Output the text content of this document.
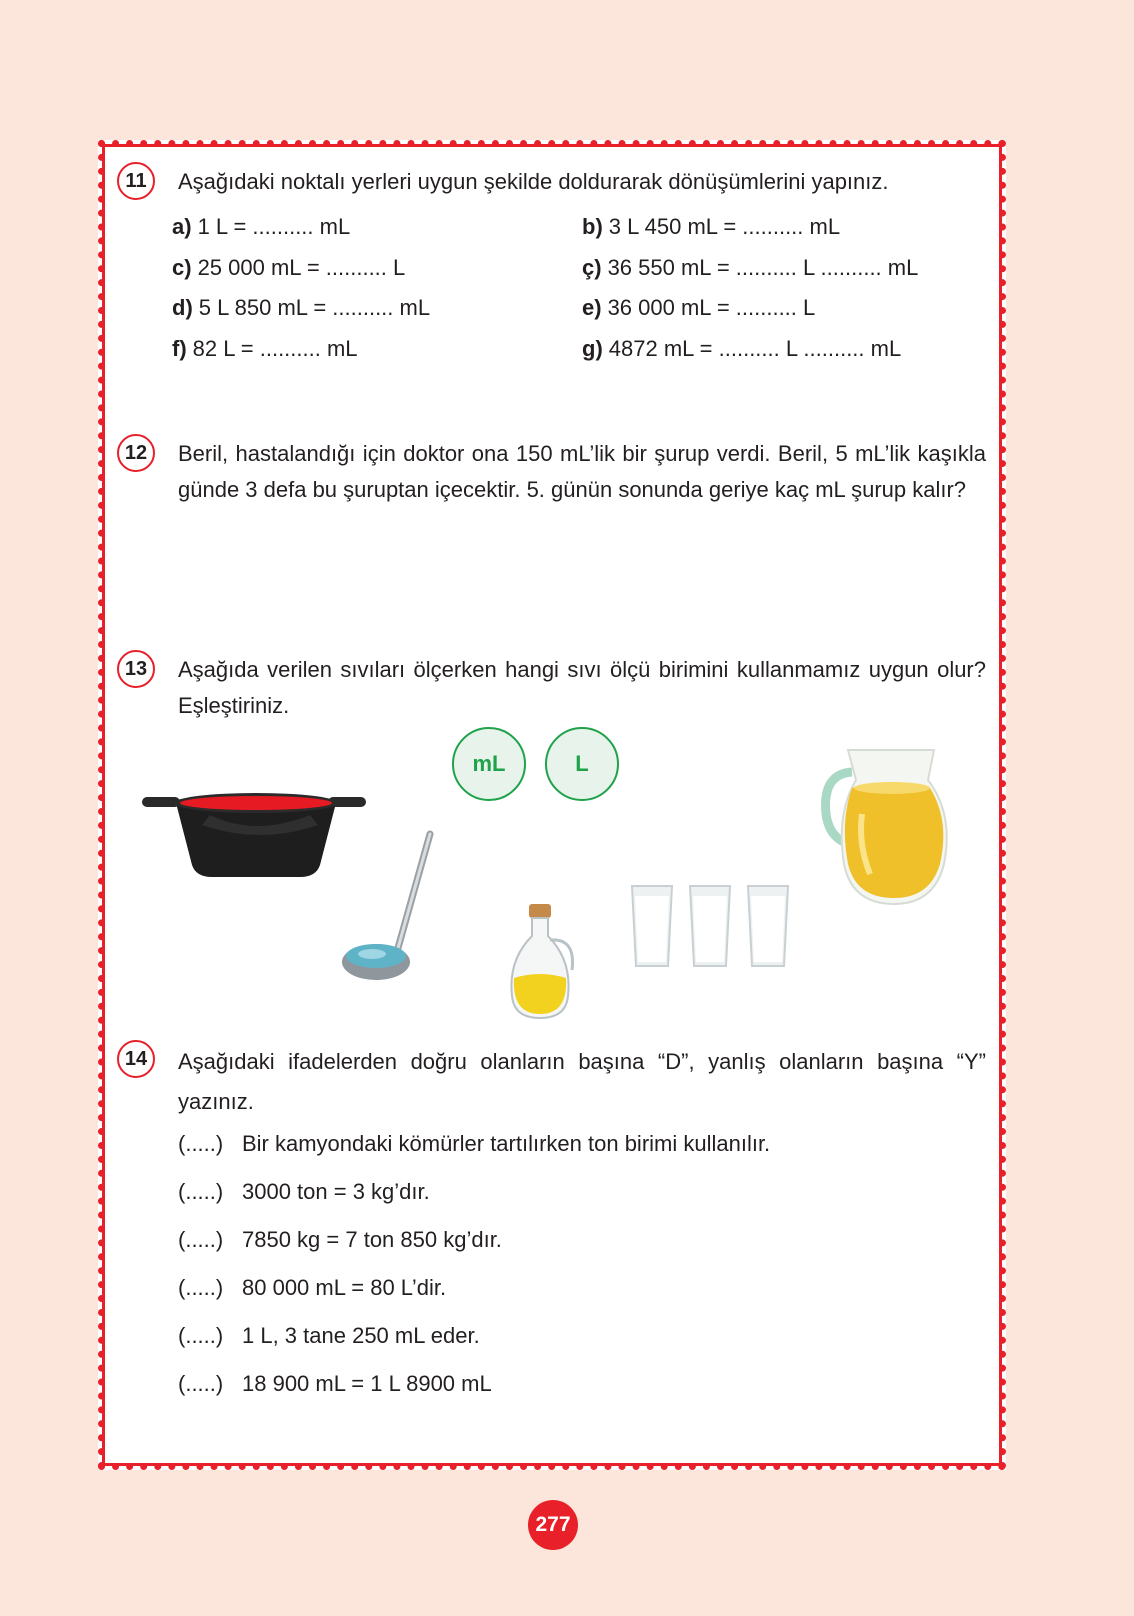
11	Aşağıdaki noktalı yerleri uygun şekilde doldurarak dönüşümlerini yapınız.
a) 1 L = .......... mL	b) 3 L 450 mL = .......... mL
c) 25 000 mL = .......... L	ç) 36 550 mL = .......... L .......... mL
d) 5 L 850 mL = .......... mL	e) 36 000 mL = .......... L
f) 82 L = .......... mL	g) 4872 mL = .......... L .......... mL
12	Beril, hastalandığı için doktor ona 150 mL’lik bir şurup verdi. Beril, 5 mL’lik kaşıkla günde 3 defa bu şuruptan içecektir. 5. günün sonunda geriye kaç mL şurup kalır?
13	Aşağıda verilen sıvıları ölçerken hangi sıvı ölçü birimini kullanmamız uygun olur? Eşleştiriniz.
mL	L
14	Aşağıdaki ifadelerden doğru olanların başına “D”, yanlış olanların başına “Y” yazınız.
(.....) Bir kamyondaki kömürler tartılırken ton birimi kullanılır.
(.....) 3000 ton = 3 kg’dır.
(.....) 7850 kg = 7 ton 850 kg’dır.
(.....) 80 000 mL = 80 L’dir.
(.....) 1 L, 3 tane 250 mL eder.
(.....) 18 900 mL = 1 L 8900 mL
277
